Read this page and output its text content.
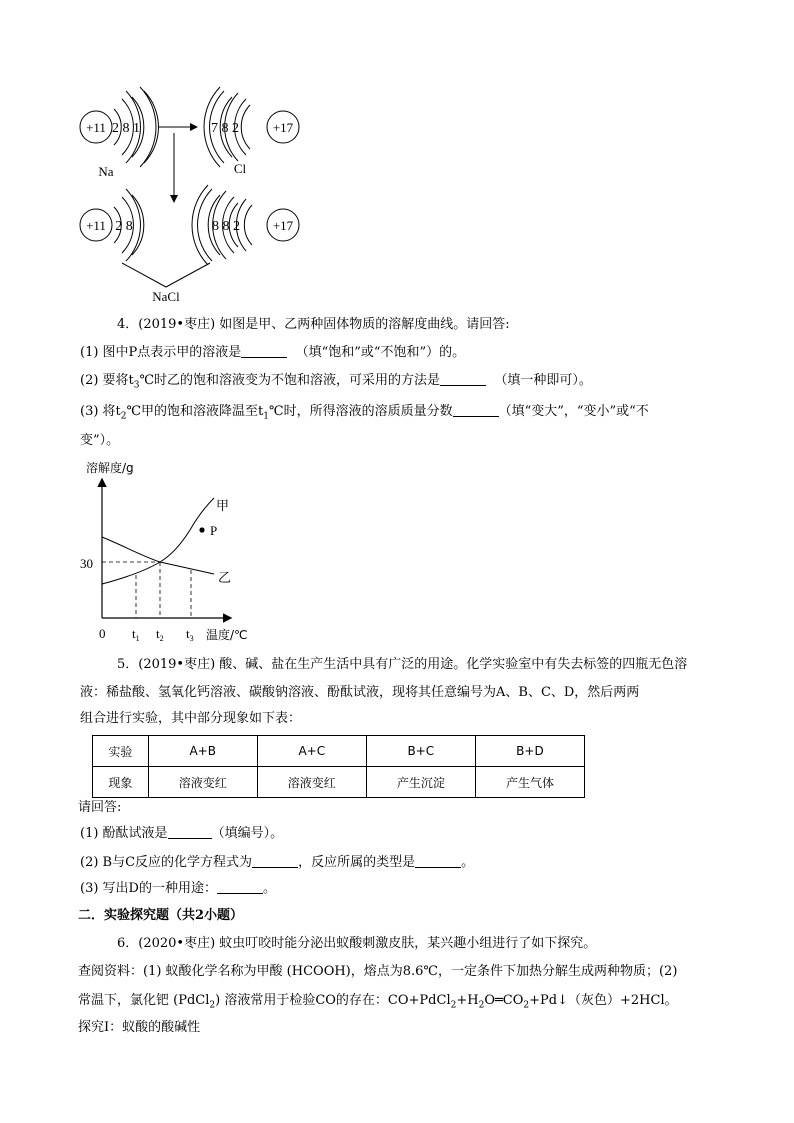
+11 2 8 1
Na
7 8 2	+17
Cl
+11 2 8	8 8 2	+17
NaCl
4．(2019•枣庄) 如图是甲、乙两种固体物质的溶解度曲线。请回答:
(1) 图中P点表示甲的溶液是	（填“饱和”或“不饱和”）的。
(2) 要将$t_3℃$时乙的饱和溶液变为不饱和溶液，可采用的方法是	（填一种即可）。
(3) 将$t_2℃$甲的饱和溶液降温至$t_1℃$时，所得溶液的溶质质量分数	（填“变大”，“变小”或“不
变”）。
溶解度/g
甲
P
乙
30
0 $t_1$ $t_2$ $t_3$ 温度/℃
5．(2019•枣庄) 酸、碱、盐在生产生活中具有广泛的用途。化学实验室中有失去标签的四瓶无色溶
液：稀盐酸、氢氧化钙溶液、碳酸钠溶液、酚酞试液，现将其任意编号为A、B、C、D，然后两两
组合进行实验，其中部分现象如下表：
实验	A+B	A+C	B+C	B+D
现象	溶液变红	溶液变红	产生沉淀	产生气体
请回答:
(1) 酚酞试液是	（填编号）。
(2) B与C反应的化学方程式为	，反应所属的类型是	。
(3) 写出D的一种用途：	。
二．实验探究题（共2小题）
6．(2020•枣庄) 蚊虫叮咬时能分泌出蚁酸刺激皮肤，某兴趣小组进行了如下探究。
查阅资料：(1) 蚁酸化学名称为甲酸 (HCOOH)，熔点为8.6℃，一定条件下加热分解生成两种物质；(2)
常温下，氯化钯 (PdCl$_2$) 溶液常用于检验CO的存在：$CO+PdCl_2+H_2O═CO_2+Pd↓$（灰色）+2HCl。
探究Ⅰ：蚁酸的酸碱性
